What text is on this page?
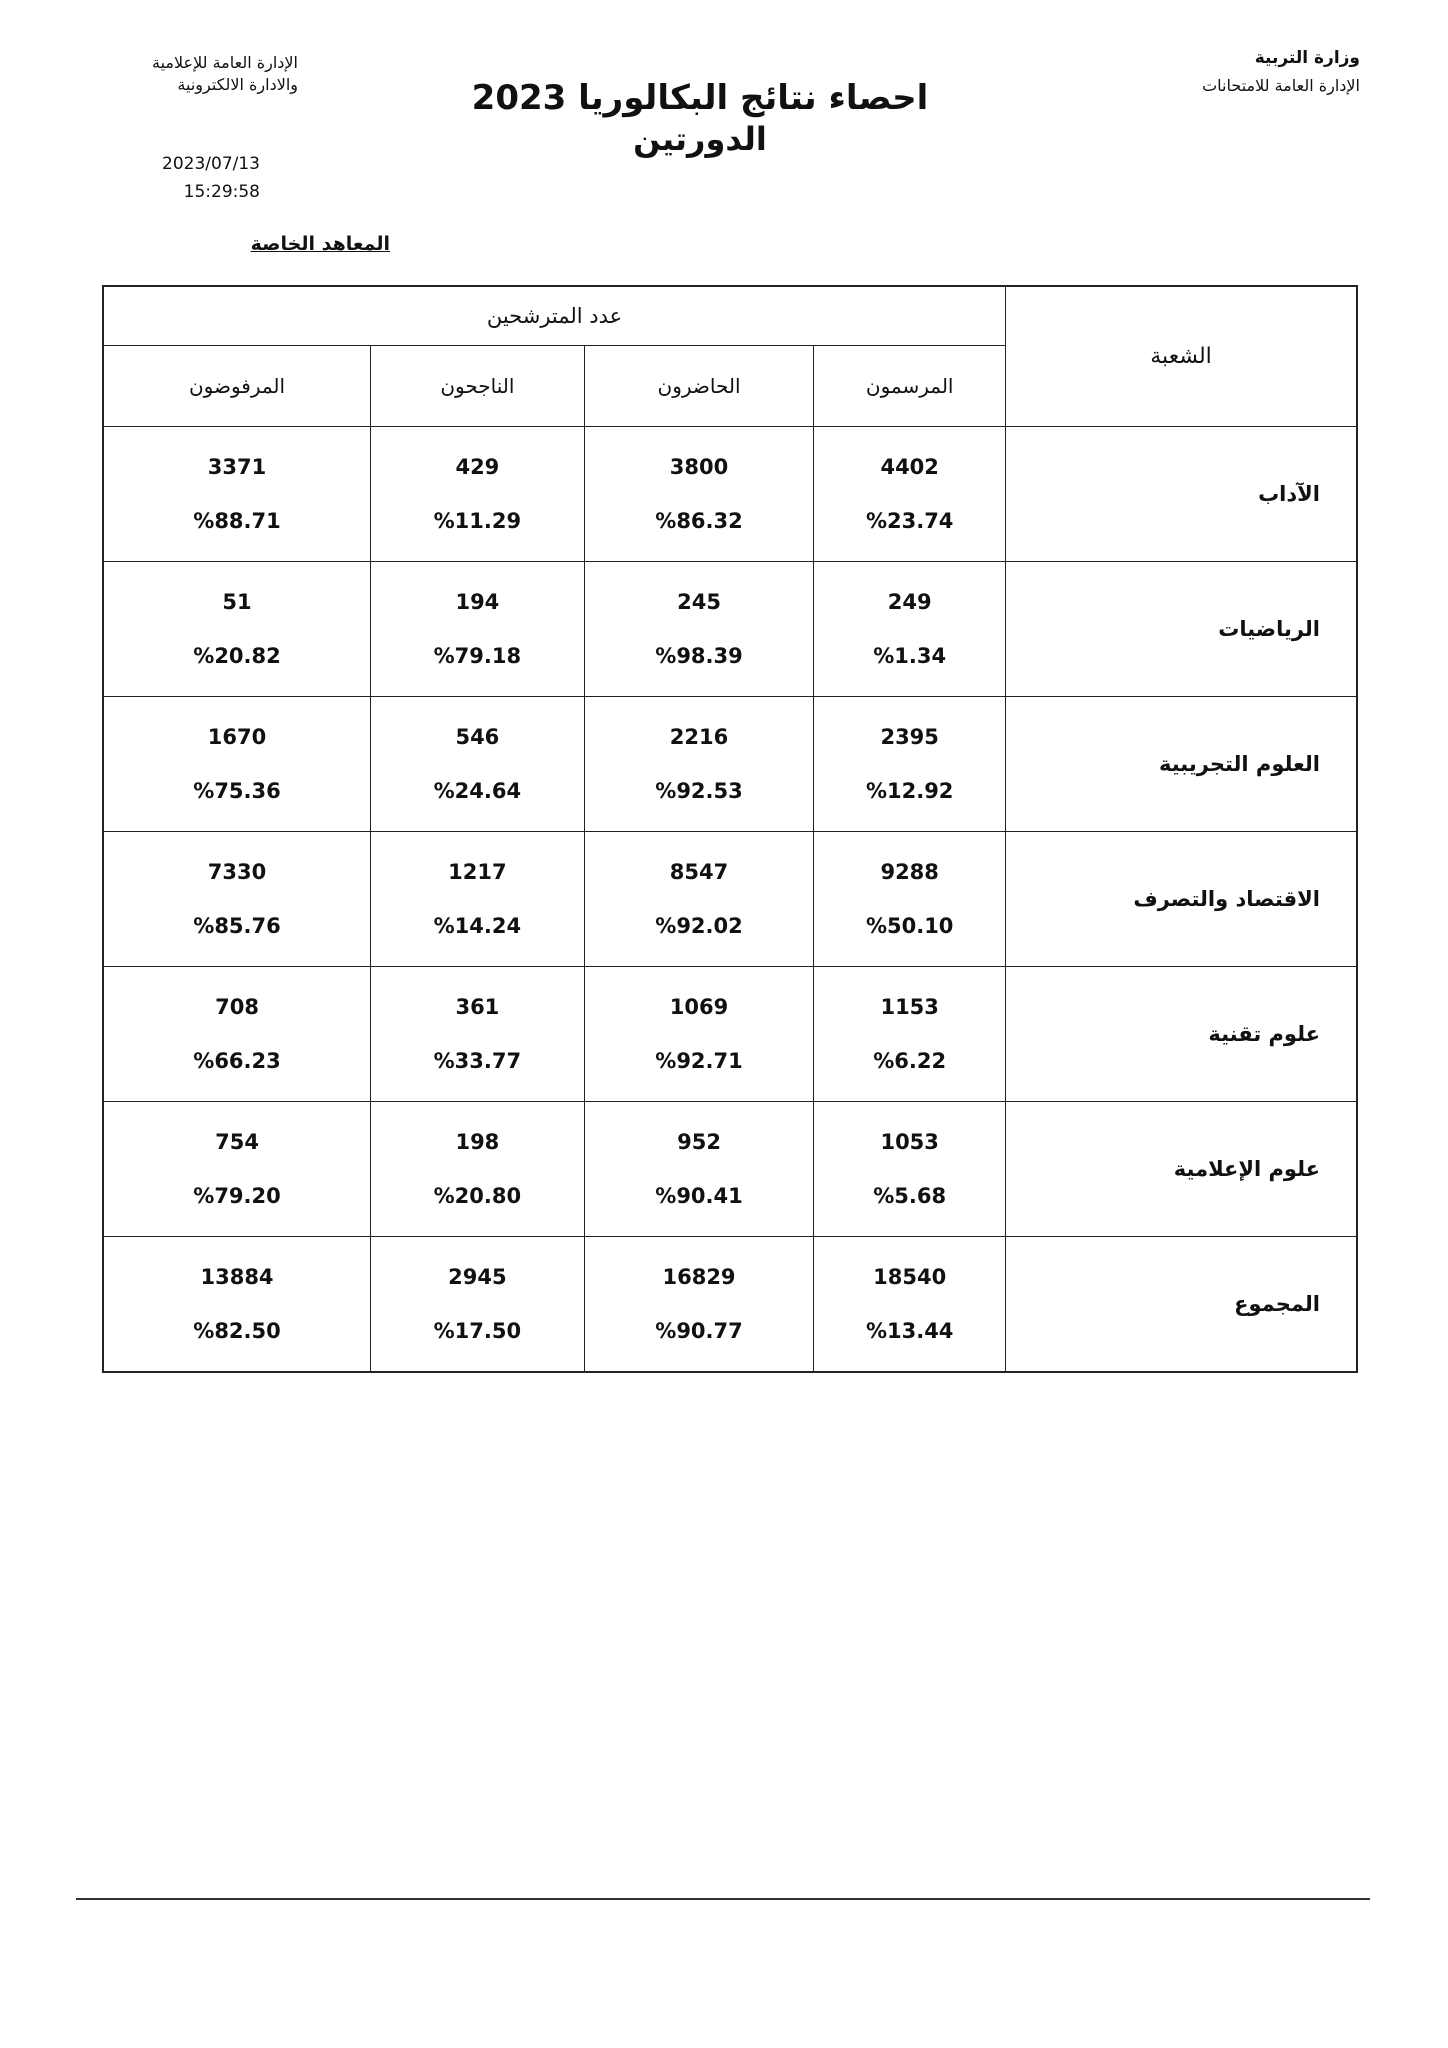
وزارة التربية
الإدارة العامة للامتحانات
الإدارة العامة للإعلامية
والادارة الالكترونية	احصاء نتائج البكالوريا 2023
الدورتين
2023/07/13
15:29:58
المعاهد الخاصة
عدد المترشحين				الشعبة
المرفوضون	الناجحون	الحاضرون	المرسمون	

3371
%88.71	429
%11.29	3800
%86.32	4402
%23.74	الآداب

51
%20.82	194
%79.18	245
%98.39	249
%1.34	الرياضيات

1670
%75.36	546
%24.64	2216
%92.53	2395
%12.92	العلوم التجريبية

7330
%85.76	1217
%14.24	8547
%92.02	9288
%50.10	الاقتصاد والتصرف

708
%66.23	361
%33.77	1069
%92.71	1153
%6.22	علوم تقنية

754
%79.20	198
%20.80	952
%90.41	1053
%5.68	علوم الإعلامية

13884
%82.50	2945
%17.50	16829
%90.77	18540
%13.44	المجموع
